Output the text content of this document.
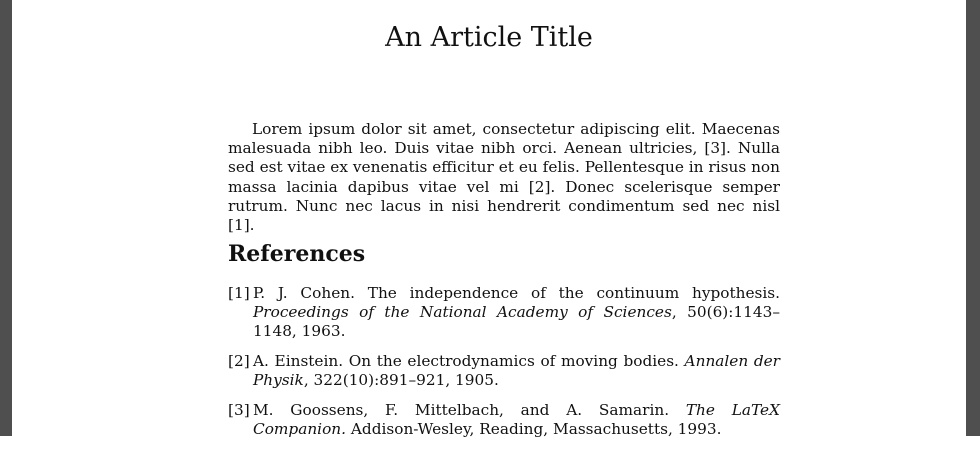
An Article Title

Lorem ipsum dolor sit amet, consectetur adipiscing elit. Maecenas malesuada nibh leo. Duis vitae nibh orci. Aenean ultricies, [3]. Nulla sed est vitae ex venenatis efficitur et eu felis. Pellentesque in risus non massa lacinia dapibus vitae vel mi [2]. Donec scelerisque semper rutrum. Nunc nec lacus in nisi hendrerit condimentum sed nec nisl [1].

References
[1] P. J. Cohen. The independence of the continuum hypothesis. Proceedings of the National Academy of Sciences, 50(6):1143–1148, 1963.
[2] A. Einstein. On the electrodynamics of moving bodies. Annalen der Physik, 322(10):891–921, 1905.
[3] M. Goossens, F. Mittelbach, and A. Samarin. The LaTeX Companion. Addison-Wesley, Reading, Massachusetts, 1993.
